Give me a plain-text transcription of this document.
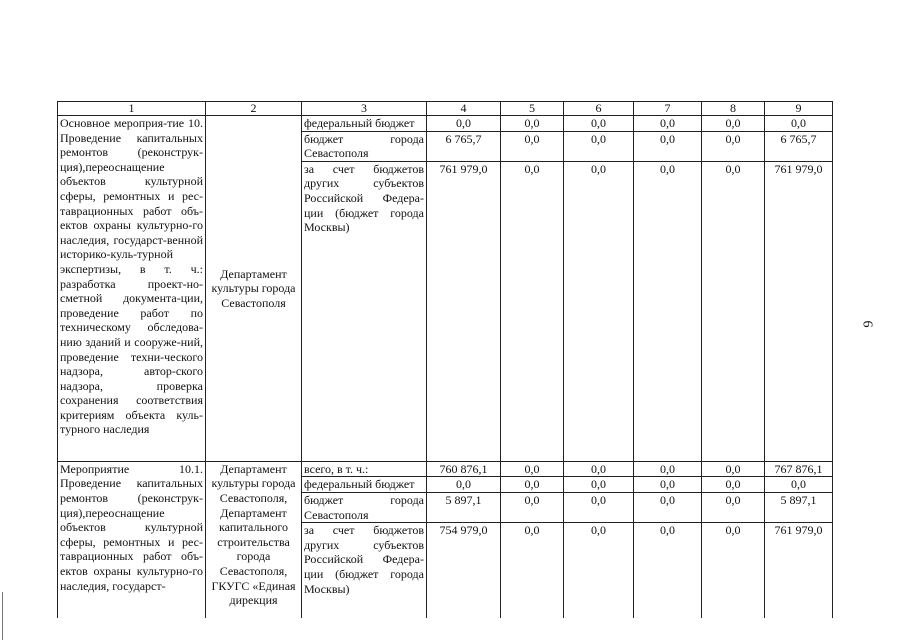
6
1	2	3	4	5	6	7	8	9
Основное мероприя-тие 10. Проведение капитальных ремонтов (реконструк-ция),переоснащение объектов культурной сферы, ремонтных и рес-таврационных работ объ-ектов охраны культурно-го наследия, государст-венной историко-куль-турной экспертизы, в т. ч.: разработка проект-но-сметной документа-ции, проведение работ по техническому обследова-нию зданий и сооруже-ний, проведение техни-ческого надзора, автор-ского надзора, проверка сохранения соответствия критериям объекта куль-турного наследия	Департамент культуры города Севастополя	федеральный бюджет	0,0	0,0	0,0	0,0	0,0	0,0
		бюджет города Севастополя	6 765,7	0,0	0,0	0,0	0,0	6 765,7
		за счет бюджетов других субъектов Российской Федера-ции (бюджет города Москвы)	761 979,0	0,0	0,0	0,0	0,0	761 979,0
Мероприятие 10.1. Проведение капитальных ремонтов (реконструк-ция),переоснащение объектов культурной сферы, ремонтных и рес-таврационных работ объ-ектов охраны культурно-го наследия, государст-	Департамент культуры города Севастополя, Департамент капитального строительства города Севастополя, ГКУГС «Единая дирекция	всего, в т. ч.:	760 876,1	0,0	0,0	0,0	0,0	767 876,1
		федеральный бюджет	0,0	0,0	0,0	0,0	0,0	0,0
		бюджет города Севастополя	5 897,1	0,0	0,0	0,0	0,0	5 897,1
		за счет бюджетов других субъектов Российской Федера-ции (бюджет города Москвы)	754 979,0	0,0	0,0	0,0	0,0	761 979,0
